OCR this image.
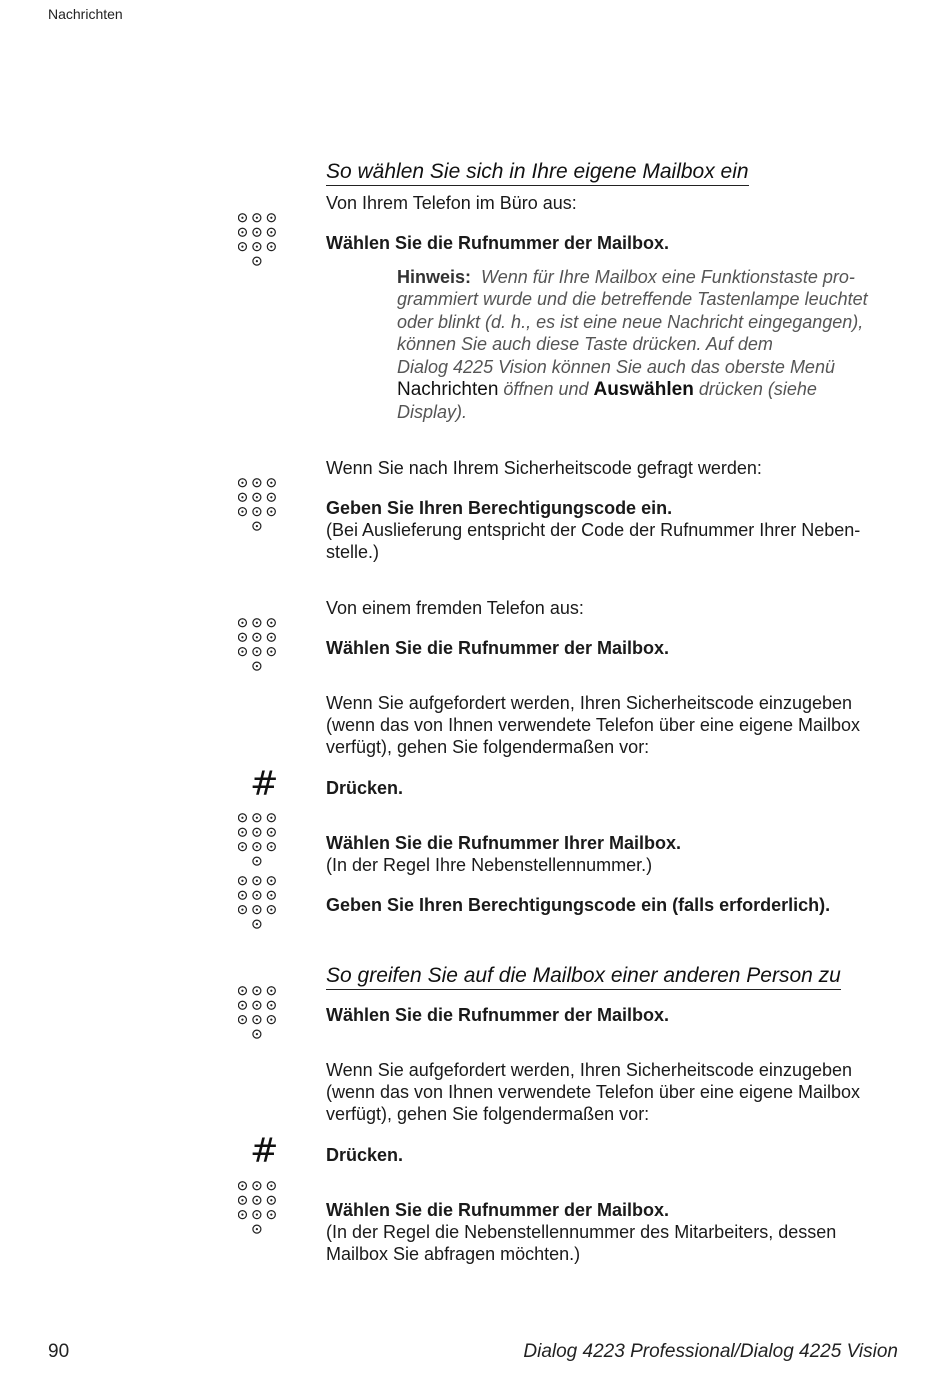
Nachrichten
So wählen Sie sich in Ihre eigene Mailbox ein
Von Ihrem Telefon im Büro aus:
Wählen Sie die Rufnummer der Mailbox.
Hinweis: Wenn für Ihre Mailbox eine Funktionstaste pro-
grammiert wurde und die betreffende Tastenlampe leuchtet
oder blinkt (d. h., es ist eine neue Nachricht eingegangen),
können Sie auch diese Taste drücken. Auf dem
Dialog 4225 Vision können Sie auch das oberste Menü
Nachrichten öffnen und Auswählen drücken (siehe
Display).
Wenn Sie nach Ihrem Sicherheitscode gefragt werden:
Geben Sie Ihren Berechtigungscode ein.
(Bei Auslieferung entspricht der Code der Rufnummer Ihrer Neben-
stelle.)
Von einem fremden Telefon aus:
Wählen Sie die Rufnummer der Mailbox.
Wenn Sie aufgefordert werden, Ihren Sicherheitscode einzugeben
(wenn das von Ihnen verwendete Telefon über eine eigene Mailbox
verfügt), gehen Sie folgendermaßen vor:
#	Drücken.
Wählen Sie die Rufnummer Ihrer Mailbox.
(In der Regel Ihre Nebenstellennummer.)
Geben Sie Ihren Berechtigungscode ein (falls erforderlich).
So greifen Sie auf die Mailbox einer anderen Person zu
Wählen Sie die Rufnummer der Mailbox.
Wenn Sie aufgefordert werden, Ihren Sicherheitscode einzugeben
(wenn das von Ihnen verwendete Telefon über eine eigene Mailbox
verfügt), gehen Sie folgendermaßen vor:
#	Drücken.
Wählen Sie die Rufnummer der Mailbox.
(In der Regel die Nebenstellennummer des Mitarbeiters, dessen
Mailbox Sie abfragen möchten.)
90	Dialog 4223 Professional/Dialog 4225 Vision
